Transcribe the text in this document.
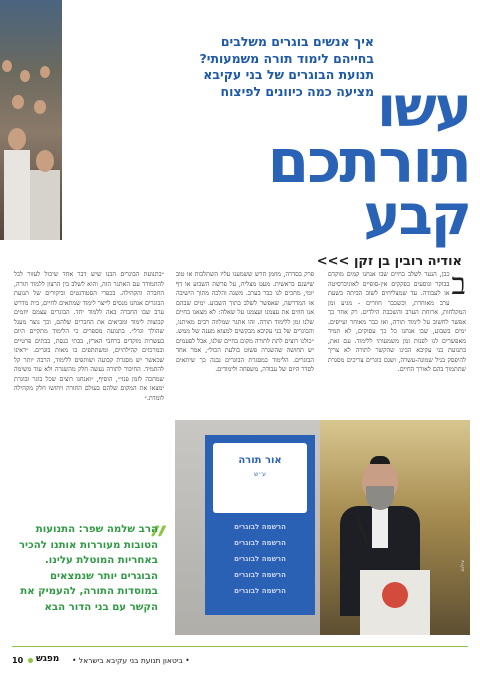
איך אנשים בוגרים משלבים
בחייהם לימוד תורה משמעותי?
תנועת הבוגרים של בני עקיבא
מציעה כמה כיוונים לפיצוח עשו
תורתכם
קבע
אודיה רובין בן זקן >>>
ב

כבן, הנער לשלב בחיים שבו אנחנו קמים מוקדם בבוקר ונוסעים בפקקים אין-סופיים לאוניברסיטה או לעבודה. עד שמצליחים לשוב הביתה בשעת ערב מאוחרת, וכשכבר חוזרים - מגיע זמן המקלחות, ארוחת הערב והשכבת הילדים. רק אחר כך אפשר לחשוב על לימוד תורה, ואז כבר מאוחר ועייפים. ימים בשבוע, שבו אנחנו כל כך עסוקים, לא תמיד מאפשרים לנו לפנות זמן משמעותי ללימוד. עם זאת, בתנועת בני עקיבא הבינו שהקשר לתורה לא צריך להיפסק בגיל שמונה-עשרה, ושגם בוגרים צריכים מסגרת שתתמוך בהם לאורך החיים.

פרק בסדרה, מוזמן חרש ששמענו עליו השתלבות או טוב שישנם בראשית. מעט מצליח, על פרשת השבוע או דף יומי, מחכים לנו כבר בערב. משנה והלכה מתוך הישיבה או המדרשה, שאפשר לשלב בתוך השבוע. ימים שבהם אנו חוזים את עצמנו ועצמנו על שאלה: לא מצאנו בחיים שלנו זמן ללימוד תורה. זהו אתגר שמלווה רבים מאיתנו, והבוגרים של בני עקיבא מבקשים למצוא מענה של ממש. ״כולנו רוצים לתת לתורה מקום בחיים שלנו, אבל לפעמים יש תחושה שהשגרה פשוט בולעת הכול״, אמר אחד הבוגרים. הלימוד במסגרת הבוגרים נבנה כך שיתאים לסדר היום של עבודה, משפחה ולימודים.

״בתנועת הבוגרים הבנו שיש דבר אחד שיכול לעזור לכל להתמודד עם האתגר הזה, והוא לשלב בין הרצון ללמוד תורה, החברה והקהילה. בכפרי הסטודנטים וביקורים של תנועת הבוגרים אנחנו מנסים לייצר לימוד שמתאים לחיים, בית מדרש ערב שבו החברה באה ללמוד יחד. הבוגרים עצמם יוזמים קבוצות לימוד ומביאים את החברים שלהם, וכך נוצר מעגל שהולך וגדל״. בתנועה מספרים כי הלימוד מתקיים היום בעשרות מוקדים ברחבי הארץ, בבתי כנסת, בבתים פרטיים ובמרכזים קהילתיים, ומשתתפים בו מאות בוגרים. ״ראינו שכאשר יש מסגרת קבועה ושותפים ללימוד, הרבה יותר קל להתמיד. החיבור לתורה נעשה חלק מהשגרה ולא עוד משימה שמחכה לזמן פנוי״, הוסיף, ״ואנחנו רוצים שכל בוגר ובוגרת ימצאו את המקום שלהם בעולם התורה ויחושו חלק מקהילה לומדת.״

אור תורה
ע״ש
הרשמה לבוגרים
הרשמה לבוגרים
הרשמה לבוגרים
הרשמה לבוגרים
הרשמה לבוגרים
צילום
״
הרב שלמה שפר: התנועות הטובות מעוררות אותנו להכיר באחריות המוטלת עלינו. הבוגרים יותר שנמצאים במוסדות התורה, להעמיק את הקשר עם בני הדור הבא
10 מפגש • ביטאון תנועת בני עקיבא בישראל •
